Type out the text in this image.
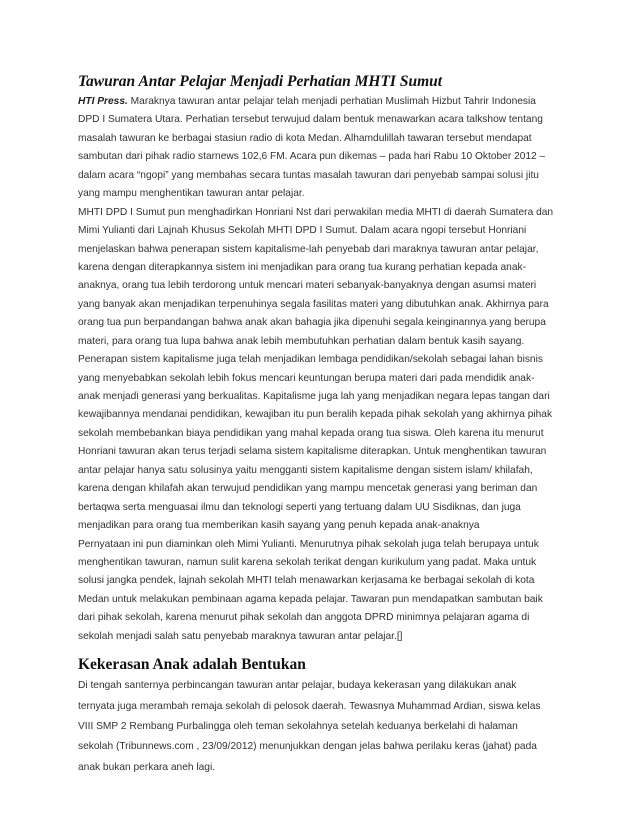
Tawuran Antar Pelajar Menjadi Perhatian MHTI Sumut
HTI Press. Maraknya tawuran antar pelajar telah menjadi perhatian Muslimah Hizbut Tahrir Indonesia
DPD I Sumatera Utara. Perhatian tersebut terwujud dalam bentuk menawarkan acara talkshow tentang
masalah tawuran ke berbagai stasiun radio di kota Medan. Alhamdulillah tawaran tersebut mendapat
sambutan dari pihak radio starnews 102,6 FM. Acara pun dikemas – pada hari Rabu 10 Oktober 2012 –
dalam acara “ngopi” yang membahas secara tuntas masalah tawuran dari penyebab sampai solusi jitu
yang mampu menghentikan tawuran antar pelajar.
MHTI DPD I Sumut pun menghadirkan Honriani Nst dari perwakilan media MHTI di daerah Sumatera dan
Mimi Yulianti dari Lajnah Khusus Sekolah MHTI DPD I Sumut. Dalam acara ngopi tersebut Honriani
menjelaskan bahwa penerapan sistem kapitalisme-lah penyebab dari maraknya tawuran antar pelajar,
karena dengan diterapkannya sistem ini menjadikan para orang tua kurang perhatian kepada anak-
anaknya, orang tua lebih terdorong untuk mencari materi sebanyak-banyaknya dengan asumsi materi
yang banyak akan menjadikan terpenuhinya segala fasilitas materi yang dibutuhkan anak. Akhirnya para
orang tua pun berpandangan bahwa anak akan bahagia jika dipenuhi segala keinginannya yang berupa
materi, para orang tua lupa bahwa anak lebih membutuhkan perhatian dalam bentuk kasih sayang.
Penerapan sistem kapitalisme juga telah menjadikan lembaga pendidikan/sekolah sebagai lahan bisnis
yang menyebabkan sekolah lebih fokus mencari keuntungan berupa materi dari pada mendidik anak-
anak menjadi generasi yang berkualitas. Kapitalisme juga lah yang menjadikan negara lepas tangan dari
kewajibannya mendanai pendidikan, kewajiban itu pun beralih kepada pihak sekolah yang akhirnya pihak
sekolah membebankan biaya pendidikan yang mahal kepada orang tua siswa. Oleh karena itu menurut
Honriani tawuran akan terus terjadi selama sistem kapitalisme diterapkan. Untuk menghentikan tawuran
antar pelajar hanya satu solusinya yaitu mengganti sistem kapitalisme dengan sistem islam/ khilafah,
karena dengan khilafah akan terwujud pendidikan yang mampu mencetak generasi yang beriman dan
bertaqwa serta menguasai ilmu dan teknologi seperti yang tertuang dalam UU Sisdiknas, dan juga
menjadikan para orang tua memberikan kasih sayang yang penuh kepada anak-anaknya
Pernyataan ini pun diaminkan oleh Mimi Yulianti. Menurutnya pihak sekolah juga telah berupaya untuk
menghentikan tawuran, namun sulit karena sekolah terikat dengan kurikulum yang padat. Maka untuk
solusi jangka pendek, lajnah sekolah MHTI telah menawarkan kerjasama ke berbagai sekolah di kota
Medan untuk melakukan pembinaan agama kepada pelajar. Tawaran pun mendapatkan sambutan baik
dari pihak sekolah, karena menurut pihak sekolah dan anggota DPRD minimnya pelajaran agama di
sekolah menjadi salah satu penyebab maraknya tawuran antar pelajar.[]
Kekerasan Anak adalah Bentukan
Di tengah santernya perbincangan tawuran antar pelajar, budaya kekerasan yang dilakukan anak
ternyata juga merambah remaja sekolah di pelosok daerah. Tewasnya Muhammad Ardian, siswa kelas
VIII SMP 2 Rembang Purbalingga oleh teman sekolahnya setelah keduanya berkelahi di halaman
sekolah (Tribunnews.com , 23/09/2012) menunjukkan dengan jelas bahwa perilaku keras (jahat) pada
anak bukan perkara aneh lagi.
